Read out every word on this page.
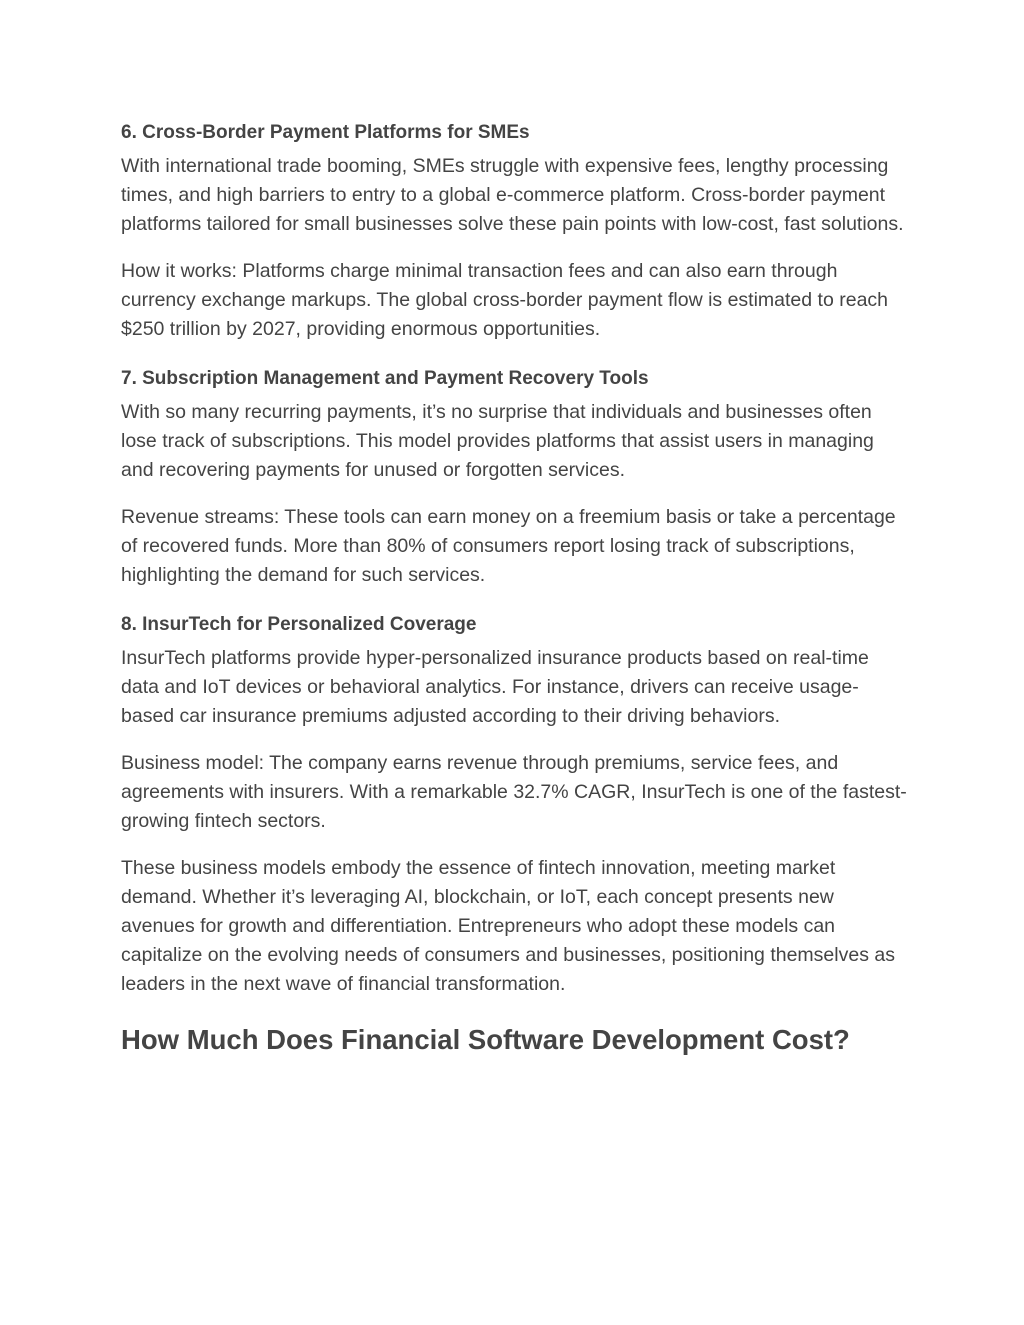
6. Cross-Border Payment Platforms for SMEs

With international trade booming, SMEs struggle with expensive fees, lengthy processing times, and high barriers to entry to a global e-commerce platform. Cross-border payment platforms tailored for small businesses solve these pain points with low-cost, fast solutions.

How it works: Platforms charge minimal transaction fees and can also earn through currency exchange markups. The global cross-border payment flow is estimated to reach $250 trillion by 2027, providing enormous opportunities.

7. Subscription Management and Payment Recovery Tools

With so many recurring payments, it’s no surprise that individuals and businesses often lose track of subscriptions. This model provides platforms that assist users in managing and recovering payments for unused or forgotten services.

Revenue streams: These tools can earn money on a freemium basis or take a percentage of recovered funds. More than 80% of consumers report losing track of subscriptions, highlighting the demand for such services.

8. InsurTech for Personalized Coverage

InsurTech platforms provide hyper-personalized insurance products based on real-time data and IoT devices or behavioral analytics. For instance, drivers can receive usage-based car insurance premiums adjusted according to their driving behaviors.

Business model: The company earns revenue through premiums, service fees, and agreements with insurers. With a remarkable 32.7% CAGR, InsurTech is one of the fastest-growing fintech sectors.

These business models embody the essence of fintech innovation, meeting market demand. Whether it’s leveraging AI, blockchain, or IoT, each concept presents new avenues for growth and differentiation. Entrepreneurs who adopt these models can capitalize on the evolving needs of consumers and businesses, positioning themselves as leaders in the next wave of financial transformation.

How Much Does Financial Software Development Cost?
